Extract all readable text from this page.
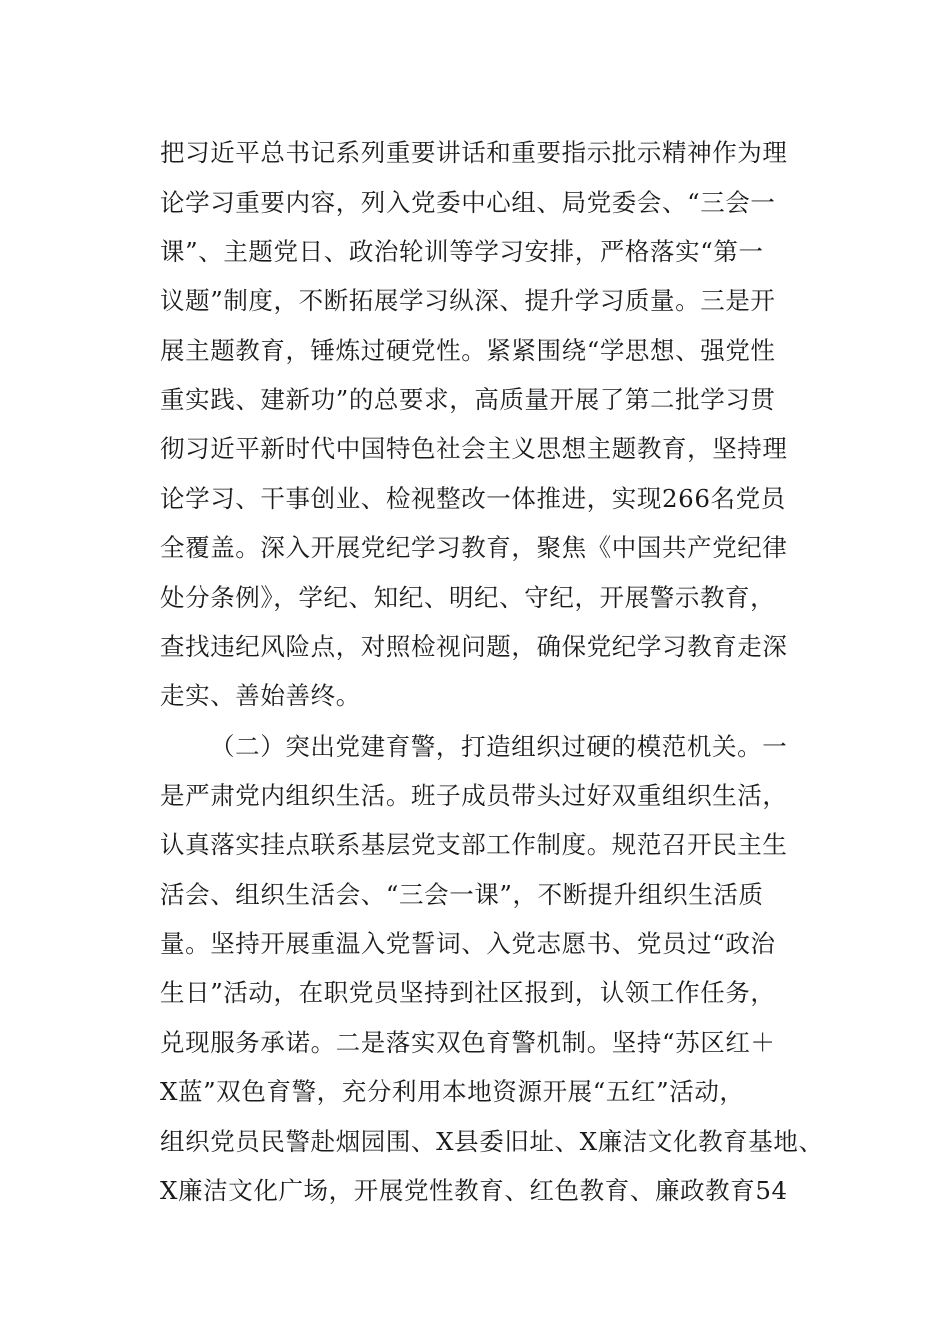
把习近平总书记系列重要讲话和重要指示批示精神作为理
论学习重要内容，列入党委中心组、局党委会、“三会一
课”、主题党日、政治轮训等学习安排，严格落实“第一
议题”制度，不断拓展学习纵深、提升学习质量。三是开
展主题教育，锤炼过硬党性。紧紧围绕“学思想、强党性
重实践、建新功”的总要求，高质量开展了第二批学习贯
彻习近平新时代中国特色社会主义思想主题教育，坚持理
论学习、干事创业、检视整改一体推进，实现266名党员
全覆盖。深入开展党纪学习教育，聚焦《中国共产党纪律
处分条例》，学纪、知纪、明纪、守纪，开展警示教育，
查找违纪风险点，对照检视问题，确保党纪学习教育走深
走实、善始善终。
（二）突出党建育警，打造组织过硬的模范机关。一
是严肃党内组织生活。班子成员带头过好双重组织生活，
认真落实挂点联系基层党支部工作制度。规范召开民主生
活会、组织生活会、“三会一课”，不断提升组织生活质
量。坚持开展重温入党誓词、入党志愿书、党员过“政治
生日”活动，在职党员坚持到社区报到，认领工作任务，
兑现服务承诺。二是落实双色育警机制。坚持“苏区红＋
X蓝”双色育警，充分利用本地资源开展“五红”活动，
组织党员民警赴烟园围、X县委旧址、X廉洁文化教育基地、
X廉洁文化广场，开展党性教育、红色教育、廉政教育54
